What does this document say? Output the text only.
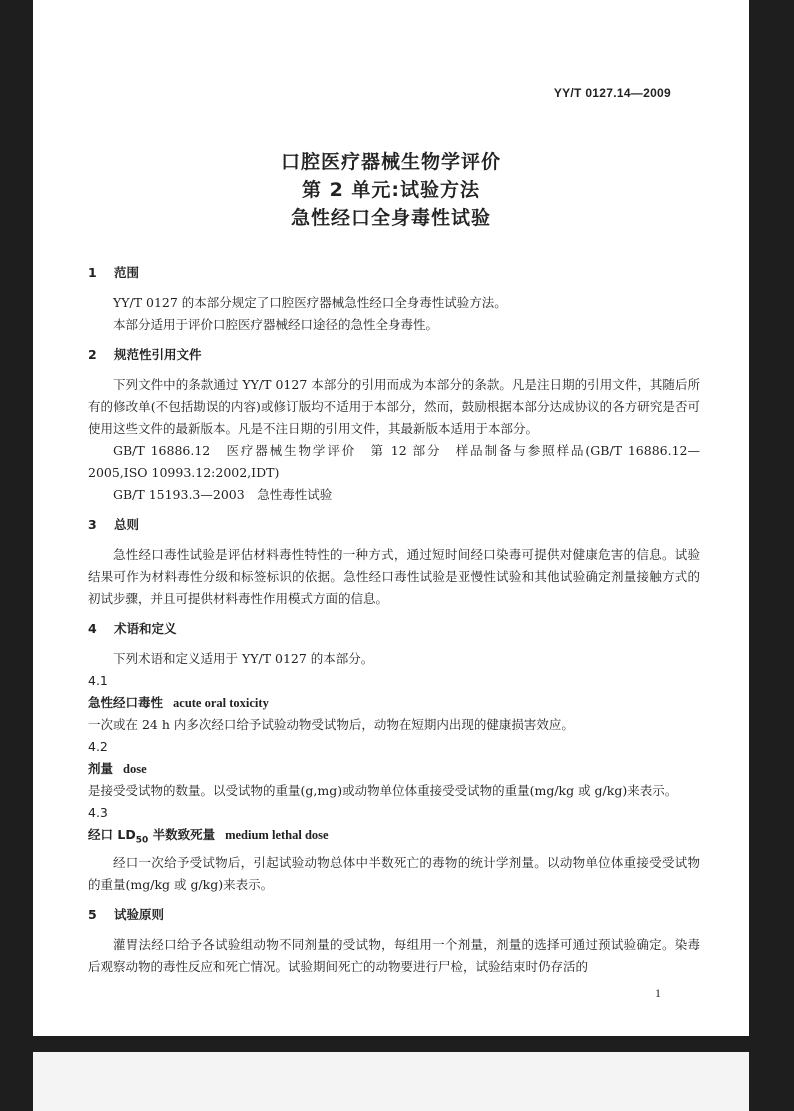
YY/T 0127.14—2009
口腔医疗器械生物学评价
第 2 单元:试验方法
急性经口全身毒性试验
1 范围

YY/T 0127 的本部分规定了口腔医疗器械急性经口全身毒性试验方法。

本部分适用于评价口腔医疗器械经口途径的急性全身毒性。

2 规范性引用文件

下列文件中的条款通过 YY/T 0127 本部分的引用而成为本部分的条款。凡是注日期的引用文件，其随后所有的修改单(不包括勘误的内容)或修订版均不适用于本部分，然而，鼓励根据本部分达成协议的各方研究是否可使用这些文件的最新版本。凡是不注日期的引用文件，其最新版本适用于本部分。

GB/T 16886.12　医疗器械生物学评价　第 12 部分　样品制备与参照样品(GB/T 16886.12—2005,ISO 10993.12:2002,IDT)

GB/T 15193.3—2003　急性毒性试验

3 总则

急性经口毒性试验是评估材料毒性特性的一种方式，通过短时间经口染毒可提供对健康危害的信息。试验结果可作为材料毒性分级和标签标识的依据。急性经口毒性试验是亚慢性试验和其他试验确定剂量接触方式的初试步骤，并且可提供材料毒性作用模式方面的信息。

4 术语和定义

下列术语和定义适用于 YY/T 0127 的本部分。

4.1
急性经口毒性 acute oral toxicity

一次或在 24 h 内多次经口给予试验动物受试物后，动物在短期内出现的健康损害效应。

4.2
剂量 dose

是接受受试物的数量。以受试物的重量(g,mg)或动物单位体重接受受试物的重量(mg/kg 或 g/kg)来表示。

4.3
经口 $LD_{50}$ 半数致死量 medium lethal dose

经口一次给予受试物后，引起试验动物总体中半数死亡的毒物的统计学剂量。以动物单位体重接受受试物的重量(mg/kg 或 g/kg)来表示。

5 试验原则

灌胃法经口给予各试验组动物不同剂量的受试物，每组用一个剂量，剂量的选择可通过预试验确定。染毒后观察动物的毒性反应和死亡情况。试验期间死亡的动物要进行尸检，试验结束时仍存活的

1
